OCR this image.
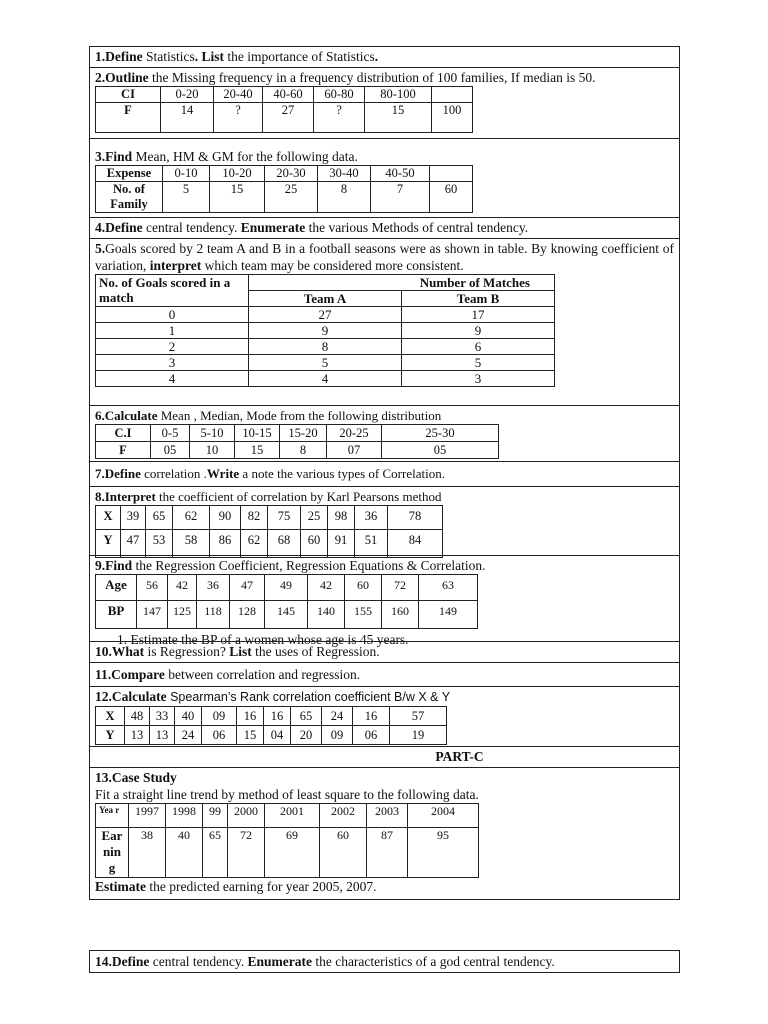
1.Define Statistics. List the importance of Statistics.
2.Outline the Missing frequency in a frequency distribution of 100 families, If median is 50.
CI	0-20	20-40	40-60	60-80	80-100	
F	14	?	27	?	15	100
3.Find Mean, HM & GM for the following data.
Expense	0-10	10-20	20-30	30-40	40-50	
No. of Family	5	15	25	8	7	60
4.Define central tendency. Enumerate the various Methods of central tendency.
5.Goals scored by 2 team A and B in a football seasons were as shown in table. By knowing coefficient of variation, interpret which team may be considered more consistent.
No. of Goals scored in a match	Number of Matches	
	Team A	Team B
0	27	17
1	9	9
2	8	6
3	5	5
4	4	3
6.Calculate Mean , Median, Mode from the following distribution
C.I	0-5	5-10	10-15	15-20	20-25	25-30
F	05	10	15	8	07	05
7.Define correlation .Write a note the various types of Correlation.
8.Interpret the coefficient of correlation by Karl Pearsons method
X	39	65	62	90	82	75	25	98	36	78
Y	47	53	58	86	62	68	60	91	51	84
9.Find the Regression Coefficient, Regression Equations & Correlation.
Age	56	42	36	47	49	42	60	72	63
BP	147	125	118	128	145	140	155	160	149
1. Estimate the BP of a women whose age is 45 years.
10.What is Regression? List the uses of Regression.
11.Compare between correlation and regression.
12.Calculate Spearman’s Rank correlation coefficient B/w X & Y
X	48	33	40	09	16	16	65	24	16	57
Y	13	13	24	06	15	04	20	09	06	19
PART-C
13.Case Study
Fit a straight line trend by method of least square to the following data.
Yea r	1997	1998	99	2000	2001	2002	2003	2004
Ear nin g	38	40	65	72	69	60	87	95
Estimate the predicted earning for year 2005, 2007.
14.Define central tendency. Enumerate the characteristics of a god central tendency.
